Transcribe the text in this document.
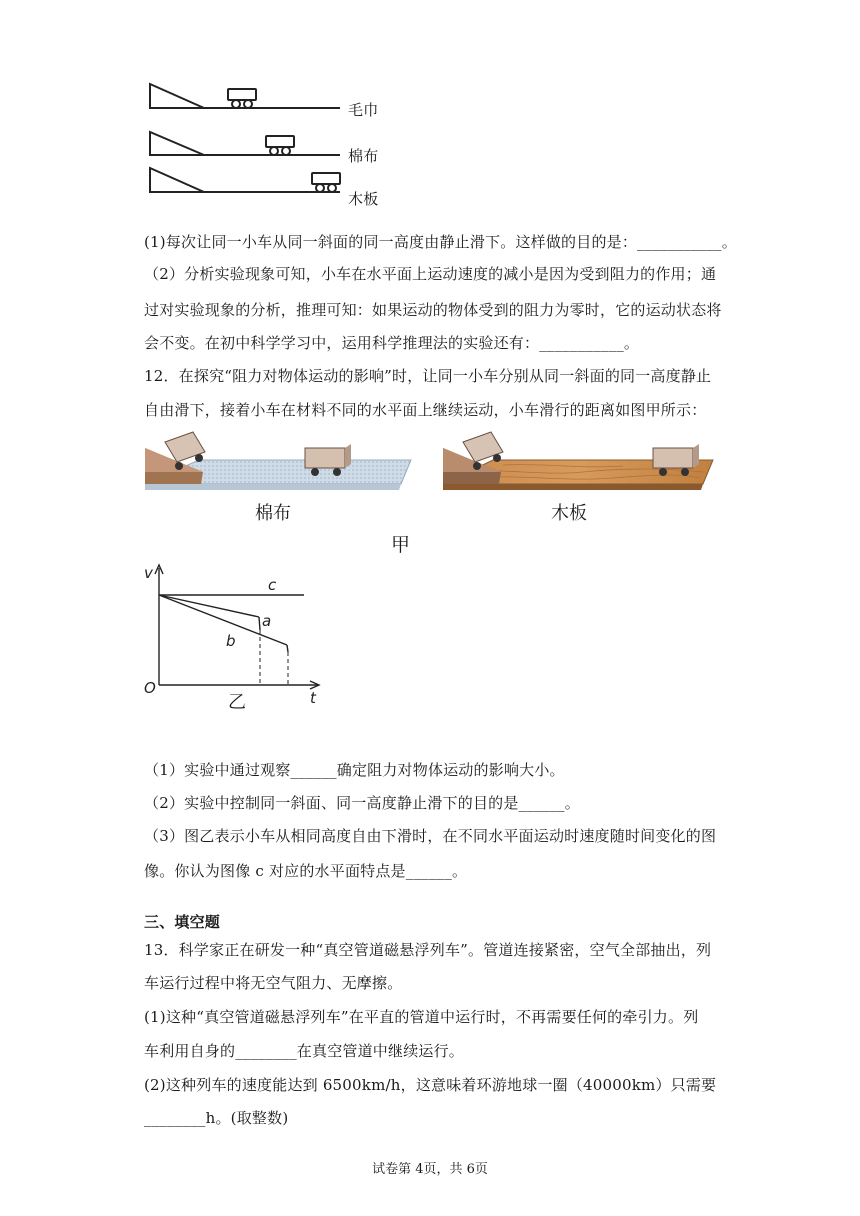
毛巾
棉布
木板
(1)每次让同一小车从同一斜面的同一高度由静止滑下。这样做的目的是：___________。
（2）分析实验现象可知，小车在水平面上运动速度的减小是因为受到阻力的作用；通
过对实验现象的分析，推理可知：如果运动的物体受到的阻力为零时，它的运动状态将
会不变。在初中科学学习中，运用科学推理法的实验还有：___________。
12．在探究“阻力对物体运动的影响”时，让同一小车分别从同一斜面的同一高度静止
自由滑下，接着小车在材料不同的水平面上继续运动，小车滑行的距离如图甲所示：
棉布	木板
甲
v
t
O
c
a
b
乙
（1）实验中通过观察______确定阻力对物体运动的影响大小。
（2）实验中控制同一斜面、同一高度静止滑下的目的是______。
（3）图乙表示小车从相同高度自由下滑时，在不同水平面运动时速度随时间变化的图
像。你认为图像 c 对应的水平面特点是______。
三、填空题
13．科学家正在研发一种“真空管道磁悬浮列车”。管道连接紧密，空气全部抽出，列
车运行过程中将无空气阻力、无摩擦。
(1)这种“真空管道磁悬浮列车”在平直的管道中运行时，不再需要任何的牵引力。列
车利用自身的________在真空管道中继续运行。
(2)这种列车的速度能达到 6500km/h，这意味着环游地球一圈（40000km）只需要
________h。(取整数)
试卷第 4页，共 6页
